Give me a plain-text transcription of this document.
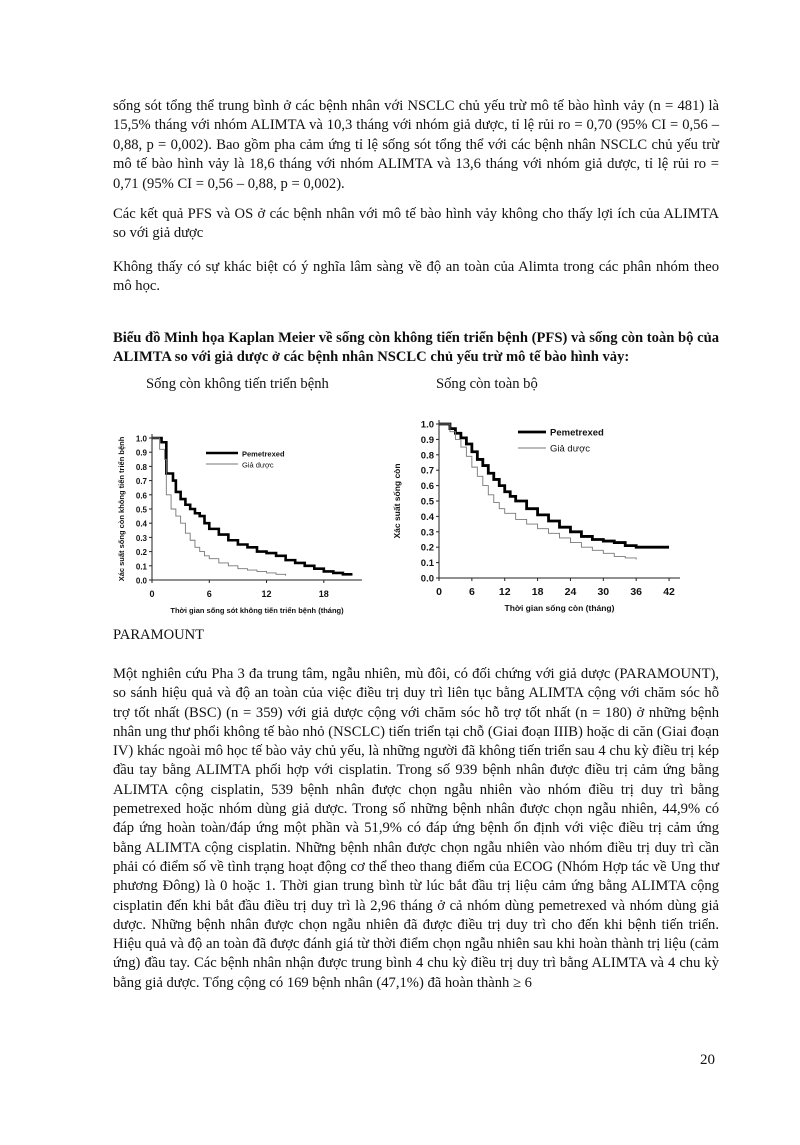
sống sót tổng thể trung bình ở các bệnh nhân với NSCLC chủ yếu trừ mô tế bào hình vảy (n = 481) là 15,5% tháng với nhóm ALIMTA và 10,3 tháng với nhóm giả dược, tỉ lệ rủi ro = 0,70 (95% CI = 0,56 – 0,88, p = 0,002). Bao gồm pha cảm ứng tỉ lệ sống sót tổng thể với các bệnh nhân NSCLC chủ yếu trừ mô tế bào hình vảy là 18,6 tháng với nhóm ALIMTA và 13,6 tháng với nhóm giả dược, tỉ lệ rủi ro = 0,71 (95% CI = 0,56 – 0,88, p = 0,002).

Các kết quả PFS và OS ở các bệnh nhân với mô tế bào hình vảy không cho thấy lợi ích của ALIMTA so với giả dược

Không thấy có sự khác biệt có ý nghĩa lâm sàng về độ an toàn của Alimta trong các phân nhóm theo mô học.

Biểu đồ Minh họa Kaplan Meier về sống còn không tiến triển bệnh (PFS) và sống còn toàn bộ của ALIMTA so với giả dược ở các bệnh nhân NSCLC chủ yếu trừ mô tế bào hình vảy:

Sống còn không tiến triển bệnh	Sống còn toàn bộ
0.0
0.1
0.2
0.3
0.4
0.5
0.6
0.7
0.8
0.9
1.0
0	6	12	18
Thời gian sống sót không tiến triển bệnh (tháng)
Xác suất sống còn không tiến triển bệnh	Pemetrexed
Giả dược
0.0
0.1
0.2
0.3
0.4
0.5
0.6
0.7
0.8
0.9
1.0
0	6 12 18 24 30 36 42
Thời gian sống còn (tháng)
Xác suất sống còn
Pemetrexed
Giả dược
PARAMOUNT

Một nghiên cứu Pha 3 đa trung tâm, ngẫu nhiên, mù đôi, có đối chứng với giả dược (PARAMOUNT), so sánh hiệu quả và độ an toàn của việc điều trị duy trì liên tục bằng ALIMTA cộng với chăm sóc hỗ trợ tốt nhất (BSC) (n = 359) với giả dược cộng với chăm sóc hỗ trợ tốt nhất (n = 180) ở những bệnh nhân ung thư phổi không tế bào nhỏ (NSCLC) tiến triển tại chỗ (Giai đoạn IIIB) hoặc di căn (Giai đoạn IV) khác ngoài mô học tế bào vảy chủ yếu, là những người đã không tiến triển sau 4 chu kỳ điều trị kép đầu tay bằng ALIMTA phối hợp với cisplatin. Trong số 939 bệnh nhân được điều trị cảm ứng bằng ALIMTA cộng cisplatin, 539 bệnh nhân được chọn ngẫu nhiên vào nhóm điều trị duy trì bằng pemetrexed hoặc nhóm dùng giả dược. Trong số những bệnh nhân được chọn ngẫu nhiên, 44,9% có đáp ứng hoàn toàn/đáp ứng một phần và 51,9% có đáp ứng bệnh ổn định với việc điều trị cảm ứng bằng ALIMTA cộng cisplatin. Những bệnh nhân được chọn ngẫu nhiên vào nhóm điều trị duy trì cần phải có điểm số về tình trạng hoạt động cơ thể theo thang điểm của ECOG (Nhóm Hợp tác về Ung thư phương Đông) là 0 hoặc 1. Thời gian trung bình từ lúc bắt đầu trị liệu cảm ứng bằng ALIMTA cộng cisplatin đến khi bắt đầu điều trị duy trì là 2,96 tháng ở cả nhóm dùng pemetrexed và nhóm dùng giả dược. Những bệnh nhân được chọn ngẫu nhiên đã được điều trị duy trì cho đến khi bệnh tiến triển. Hiệu quả và độ an toàn đã được đánh giá từ thời điểm chọn ngẫu nhiên sau khi hoàn thành trị liệu (cảm ứng) đầu tay. Các bệnh nhân nhận được trung bình 4 chu kỳ điều trị duy trì bằng ALIMTA và 4 chu kỳ bằng giả dược. Tổng cộng có 169 bệnh nhân (47,1%) đã hoàn thành ≥ 6

20
